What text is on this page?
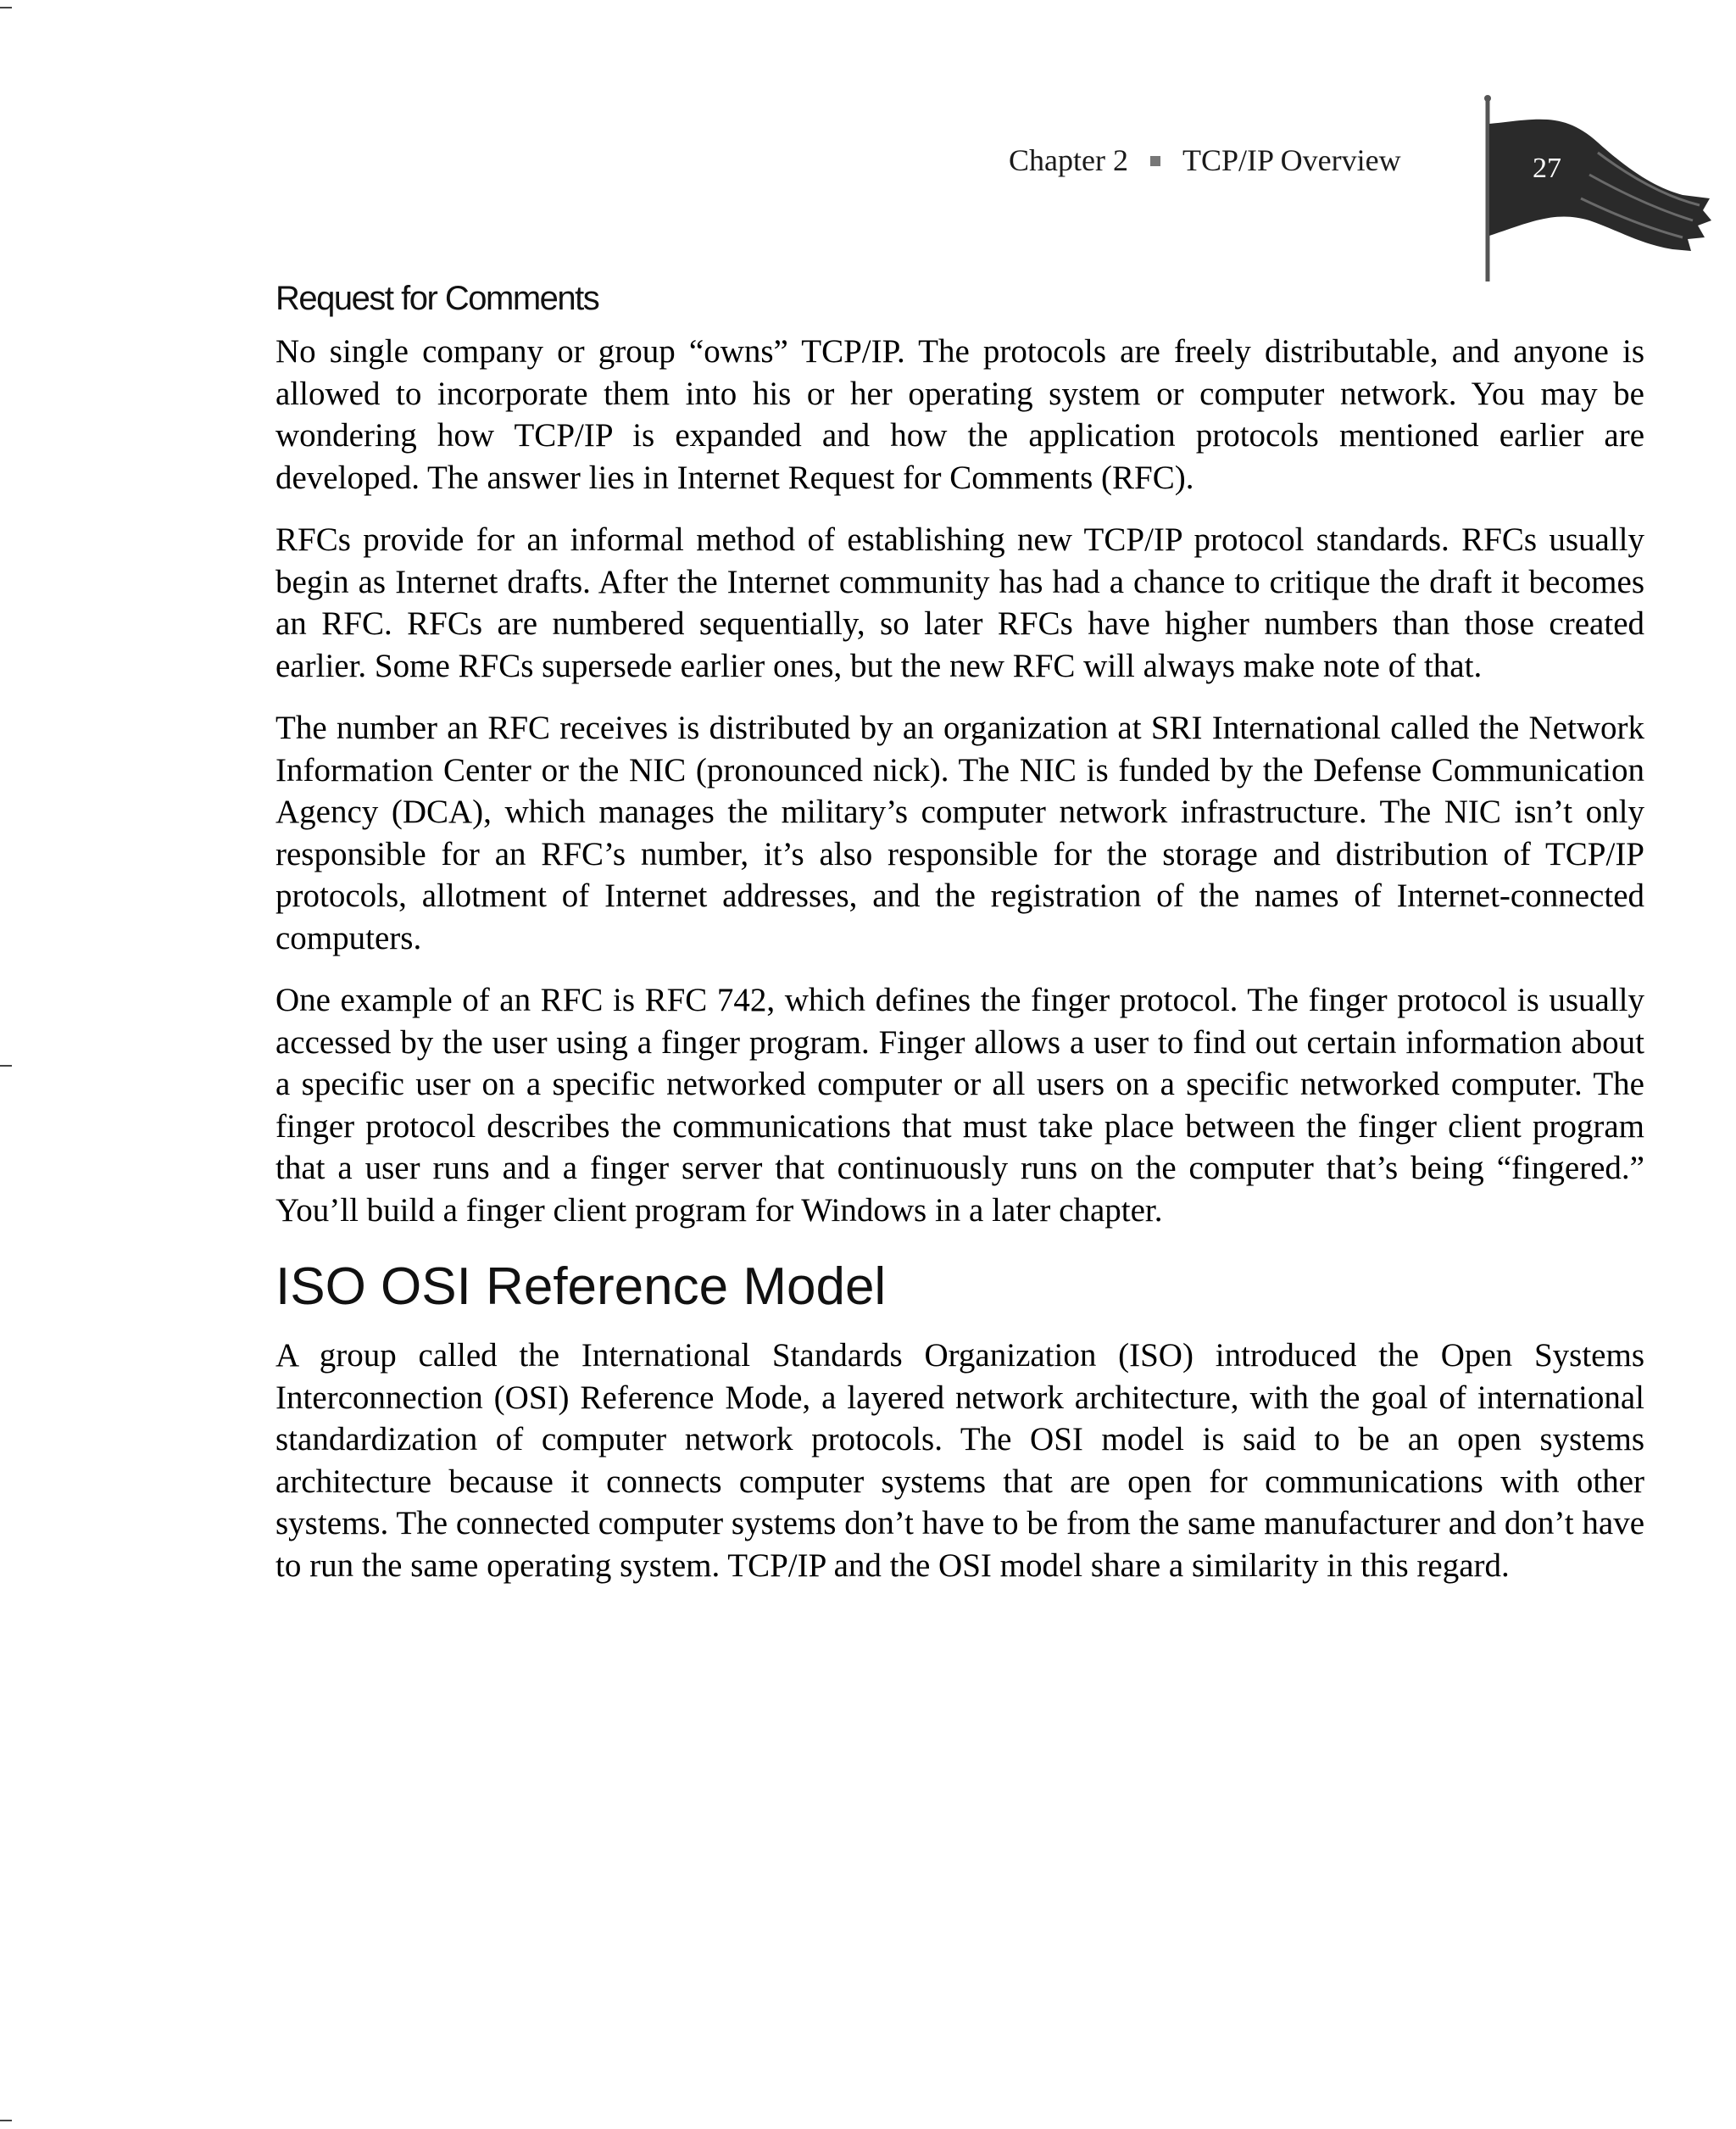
Chapter 2 TCP/IP Overview	27
Request for Comments

No single company or group “owns” TCP/IP. The protocols are freely distributable, and anyone is allowed to incorporate them into his or her operating system or computer network. You may be wondering how TCP/IP is expanded and how the application protocols mentioned earlier are developed. The answer lies in Internet Request for Comments (RFC).

RFCs provide for an informal method of establishing new TCP/IP protocol standards. RFCs usually begin as Internet drafts. After the Internet community has had a chance to critique the draft it becomes an RFC. RFCs are numbered sequentially, so later RFCs have higher numbers than those created earlier. Some RFCs supersede earlier ones, but the new RFC will always make note of that.

The number an RFC receives is distributed by an organization at SRI International called the Network Information Center or the NIC (pronounced nick). The NIC is funded by the Defense Communication Agency (DCA), which manages the military’s computer network infrastructure. The NIC isn’t only responsible for an RFC’s number, it’s also responsible for the storage and distribution of TCP/IP protocols, allotment of Internet addresses, and the registration of the names of Internet-connected computers.

One example of an RFC is RFC 742, which defines the finger protocol. The finger protocol is usually accessed by the user using a finger program. Finger allows a user to find out certain information about a specific user on a specific networked computer or all users on a specific networked computer. The finger protocol describes the communications that must take place between the finger client program that a user runs and a finger server that continuously runs on the computer that’s being “fingered.” You’ll build a finger client program for Windows in a later chapter.

ISO OSI Reference Model

A group called the International Standards Organization (ISO) introduced the Open Systems Interconnection (OSI) Reference Mode, a layered network architecture, with the goal of international standardization of computer network protocols. The OSI model is said to be an open systems architecture because it connects computer systems that are open for communications with other systems. The connected computer systems don’t have to be from the same manufacturer and don’t have to run the same operating system. TCP/IP and the OSI model share a similarity in this regard.
